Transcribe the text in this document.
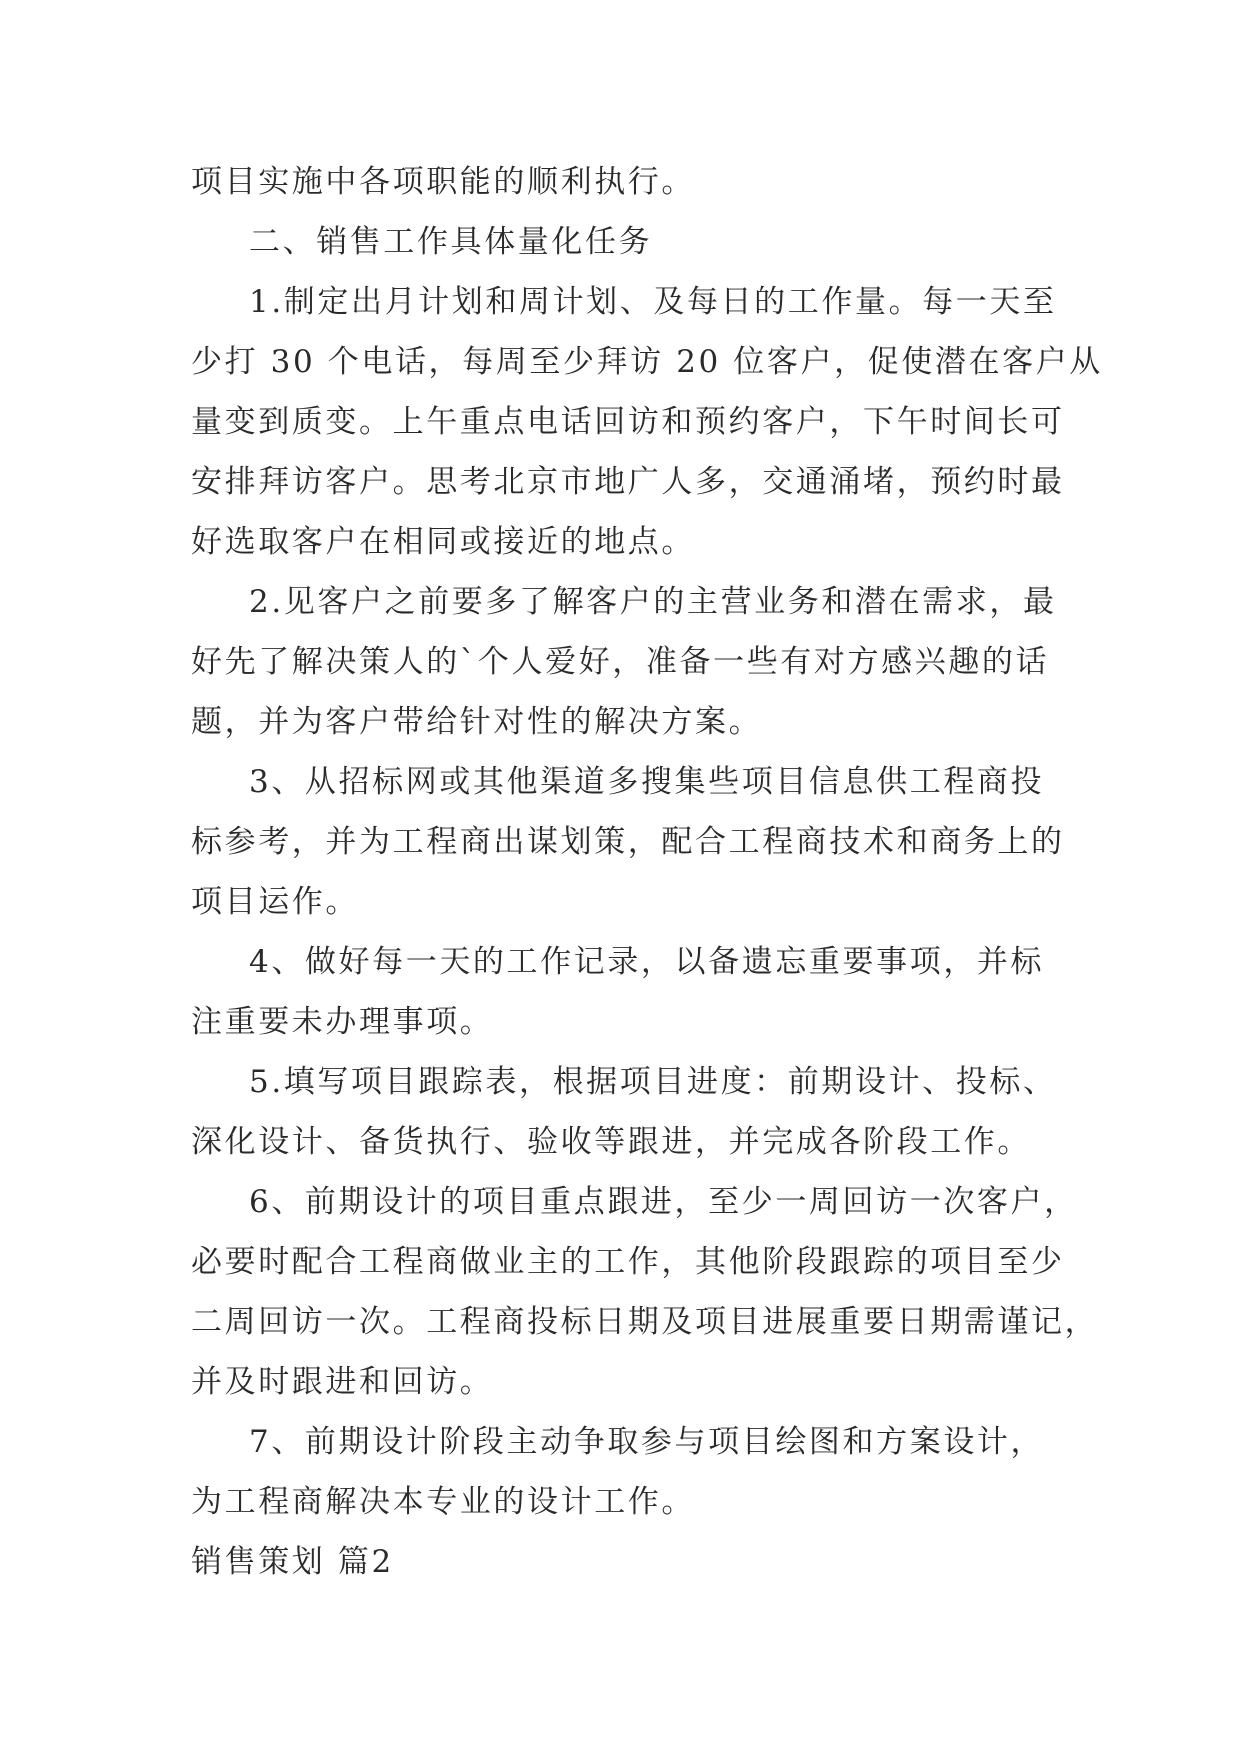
项目实施中各项职能的顺利执行。
二、销售工作具体量化任务
1.制定出月计划和周计划、及每日的工作量。每一天至
少打 30 个电话，每周至少拜访 20 位客户，促使潜在客户从
量变到质变。上午重点电话回访和预约客户，下午时间长可
安排拜访客户。思考北京市地广人多，交通涌堵，预约时最
好选取客户在相同或接近的地点。
2.见客户之前要多了解客户的主营业务和潜在需求，最
好先了解决策人的`个人爱好，准备一些有对方感兴趣的话
题，并为客户带给针对性的解决方案。
3、从招标网或其他渠道多搜集些项目信息供工程商投
标参考，并为工程商出谋划策，配合工程商技术和商务上的
项目运作。
4、做好每一天的工作记录，以备遗忘重要事项，并标
注重要未办理事项。
5.填写项目跟踪表，根据项目进度：前期设计、投标、
深化设计、备货执行、验收等跟进，并完成各阶段工作。
6、前期设计的项目重点跟进，至少一周回访一次客户，
必要时配合工程商做业主的工作，其他阶段跟踪的项目至少
二周回访一次。工程商投标日期及项目进展重要日期需谨记，
并及时跟进和回访。
7、前期设计阶段主动争取参与项目绘图和方案设计，
为工程商解决本专业的设计工作。
销售策划 篇2
